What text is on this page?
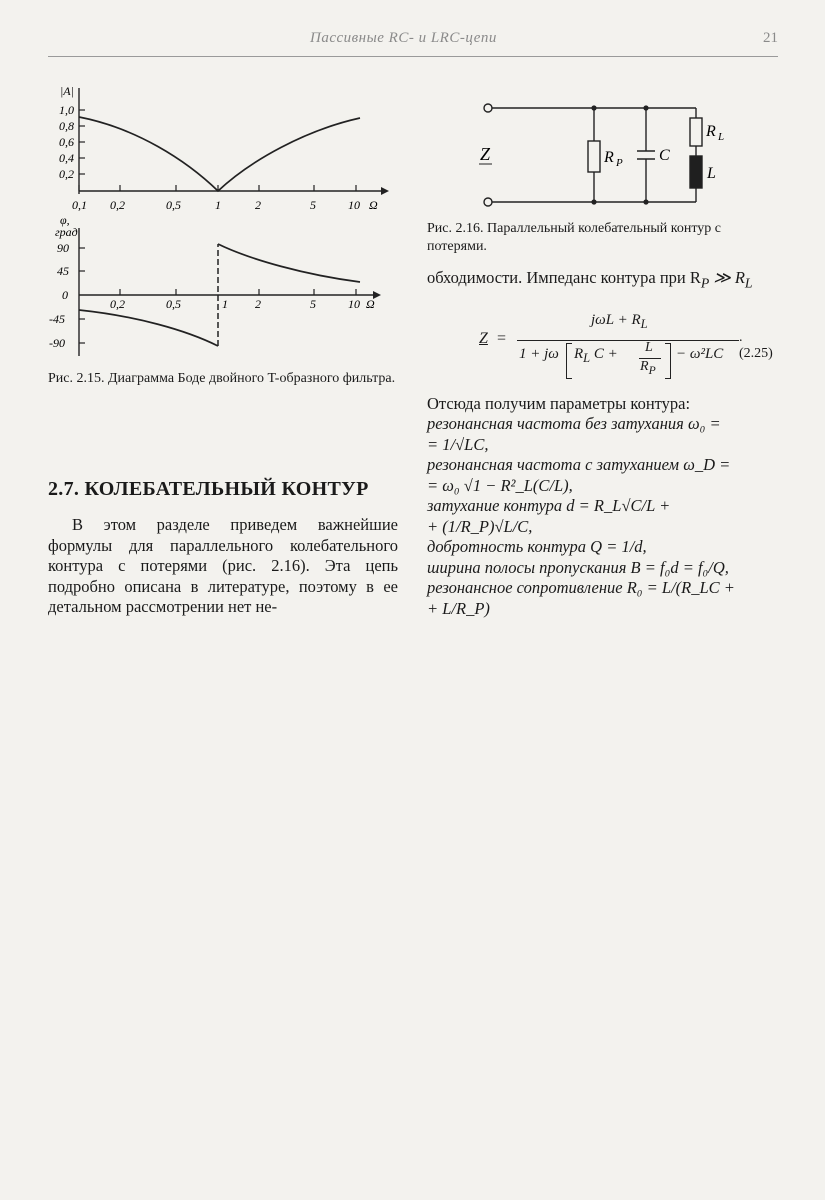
Пассивные RC- и LRC-цепи	21
|A|
1,0
0,8
0,6
0,4
0,2
0,1 0,2	0,5	1	2	5	10 Ω
φ,
град
90
45
0
-45
-90
0,2	0,5	1 2	5	10 Ω
Рис. 2.15. Диаграмма Боде двойного T-образного фильтра.
2.7. КОЛЕБАТЕЛЬНЫЙ КОНТУР

В этом разделе приведем важнейшие формулы для параллельного колебательного контура с потерями (рис. 2.16). Эта цепь подробно описана в литературе, поэтому в ее детальном рассмотрении нет не-

Z	R P C
R L
L
Рис. 2.16. Параллельный колебательный контур с потерями.
обходимости. Импеданс контура при $R_P$ ≫ $R_L$
Z =
$j\omega L + R_L$
1 + jω $R_L$ C + L
$R_P$
− ω²LC
. (2.25)
Отсюда получим параметры контура:
резонансная частота без затухания ω₀ =
= 1/√LC,
резонансная частота с затуханием ω_D =
= ω₀ √1 − R²_L(C/L),
затухание контура d = R_L√C/L +
+ (1/R_P)√L/C,
добротность контура Q = 1/d,
ширина полосы пропускания B = f₀d = f₀/Q,
резонансное сопротивление R₀ = L/(R_LC +
+ L/R_P)
